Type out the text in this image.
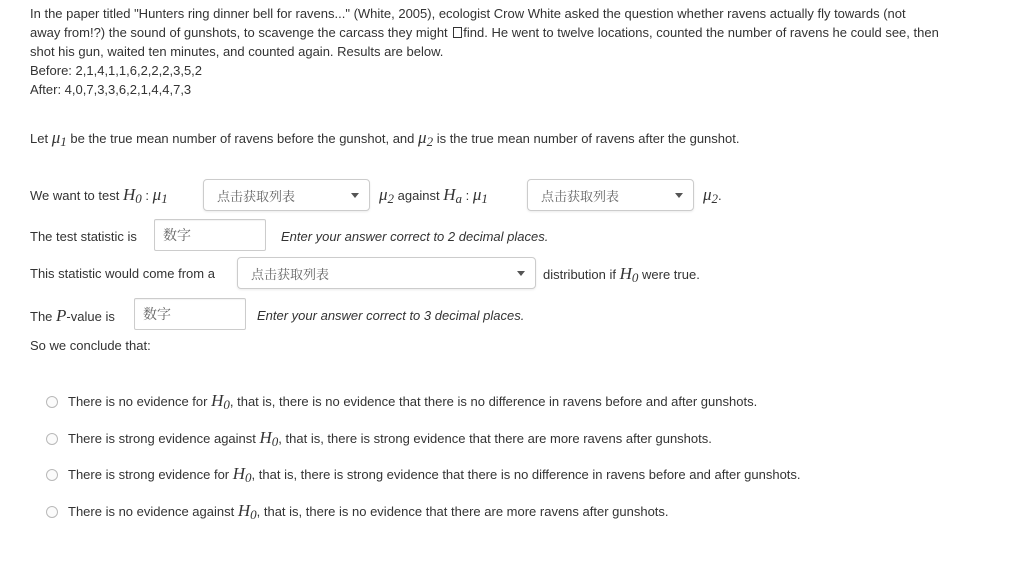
In the paper titled "Hunters ring dinner bell for ravens..." (White, 2005), ecologist Crow White asked the question whether ravens actually fly towards (not
away from!?) the sound of gunshots, to scavenge the carcass they might find. He went to twelve locations, counted the number of ravens he could see, then
shot his gun, waited ten minutes, and counted again. Results are below.
Before: 2,1,4,1,1,6,2,2,2,3,5,2
After: 4,0,7,3,3,6,2,1,4,4,7,3
Let μ1 be the true mean number of ravens before the gunshot, and μ2 is the true mean number of ravens after the gunshot.
We want to test H0 : μ1	点击获取列表	μ2 against Ha : μ1	点击获取列表	μ2.
The test statistic is
数字	Enter your answer correct to 2 decimal places.
This statistic would come from a	点击获取列表	distribution if H0 were true.
The P-value is
数字	Enter your answer correct to 3 decimal places.
So we conclude that:
There is no evidence for H0, that is, there is no evidence that there is no difference in ravens before and after gunshots.
There is strong evidence against H0, that is, there is strong evidence that there are more ravens after gunshots.
There is strong evidence for H0, that is, there is strong evidence that there is no difference in ravens before and after gunshots.
There is no evidence against H0, that is, there is no evidence that there are more ravens after gunshots.
